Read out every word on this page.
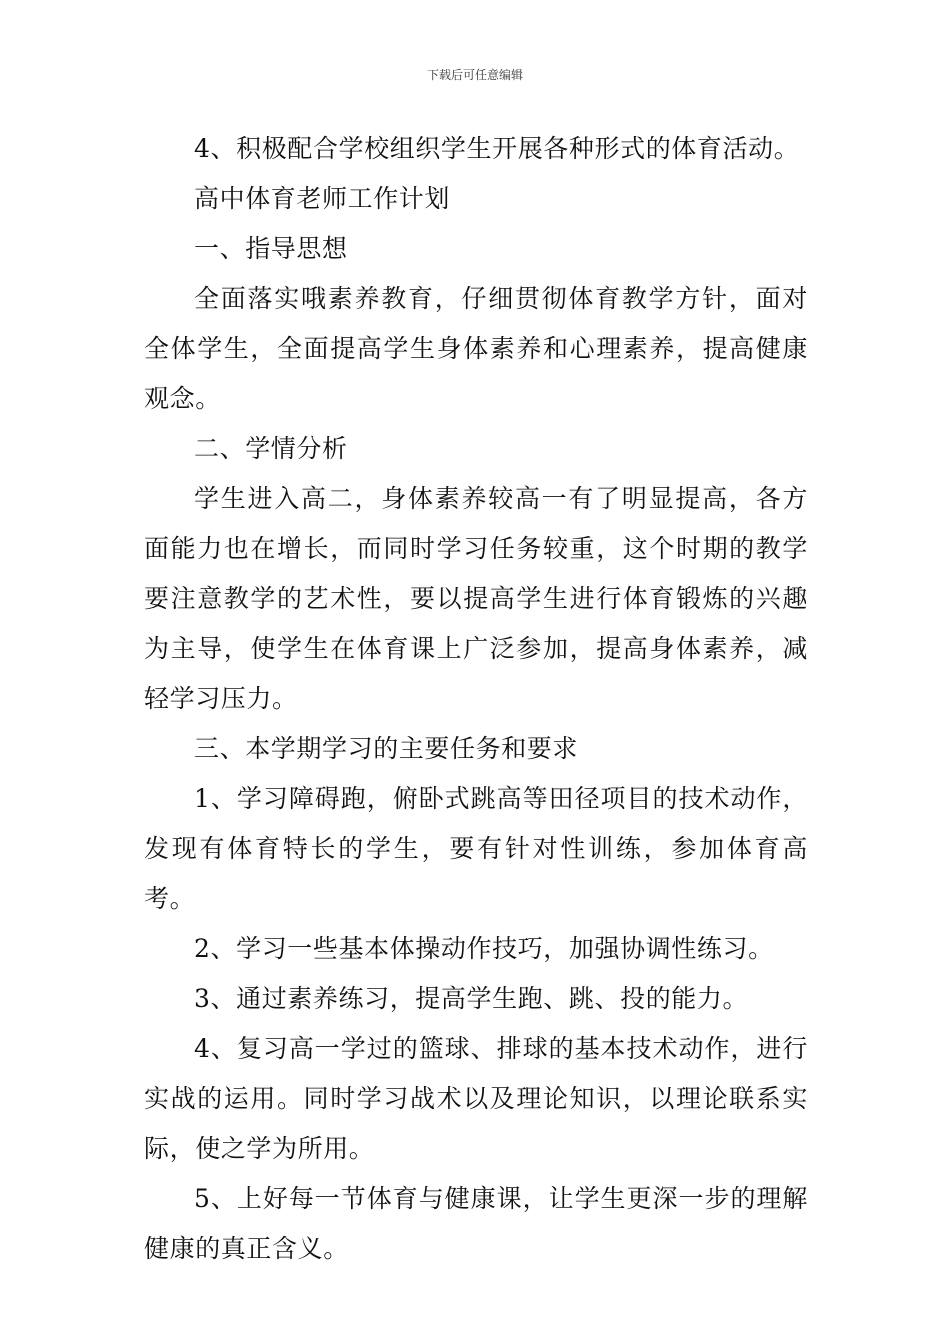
下载后可任意编辑

4、积极配合学校组织学生开展各种形式的体育活动。

高中体育老师工作计划

一、指导思想

全面落实哦素养教育，仔细贯彻体育教学方针，面对全体学生，全面提高学生身体素养和心理素养，提高健康观念。

二、学情分析

学生进入高二，身体素养较高一有了明显提高，各方面能力也在增长，而同时学习任务较重，这个时期的教学要注意教学的艺术性，要以提高学生进行体育锻炼的兴趣为主导，使学生在体育课上广泛参加，提高身体素养，减轻学习压力。

三、本学期学习的主要任务和要求

1、学习障碍跑，俯卧式跳高等田径项目的技术动作，发现有体育特长的学生，要有针对性训练，参加体育高考。

2、学习一些基本体操动作技巧，加强协调性练习。

3、通过素养练习，提高学生跑、跳、投的能力。

4、复习高一学过的篮球、排球的基本技术动作，进行实战的运用。同时学习战术以及理论知识，以理论联系实际，使之学为所用。

5、上好每一节体育与健康课，让学生更深一步的理解健康的真正含义。
